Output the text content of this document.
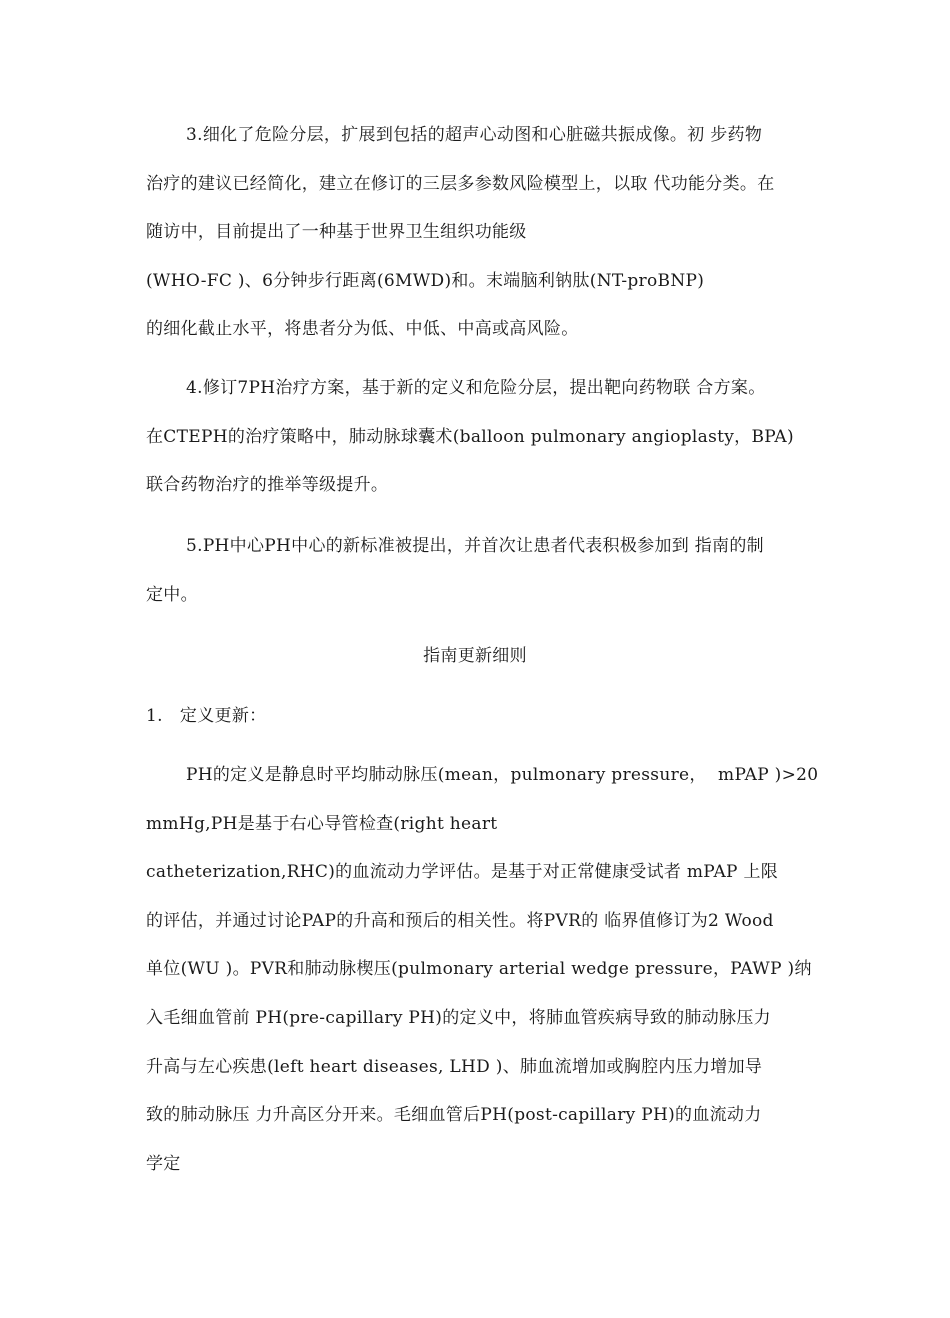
3.细化了危险分层，扩展到包括的超声心动图和心脏磁共振成像。初 步药物
治疗的建议已经简化，建立在修订的三层多参数风险模型上，以取 代功能分类。在
随访中，目前提出了一种基于世界卫生组织功能级
(WHO-FC )、6分钟步行距离(6MWD)和。末端脑利钠肽(NT-proBNP)
的细化截止水平，将患者分为低、中低、中高或高风险。
4.修订7PH治疗方案，基于新的定义和危险分层，提出靶向药物联 合方案。
在CTEPH的治疗策略中，肺动脉球囊术(balloon pulmonary angioplasty，BPA)
联合药物治疗的推举等级提升。
5.PH中心PH中心的新标准被提出，并首次让患者代表积极参加到 指南的制
定中。
指南更新细则
1.   定义更新：
PH的定义是静息时平均肺动脉压(mean，pulmonary pressure，  mPAP )>20
mmHg,PH是基于右心导管检查(right heart
catheterization,RHC)的血流动力学评估。是基于对正常健康受试者 mPAP 上限
的评估，并通过讨论PAP的升高和预后的相关性。将PVR的 临界值修订为2 Wood
单位(WU )。PVR和肺动脉楔压(pulmonary arterial wedge pressure，PAWP )纳
入毛细血管前 PH(pre-capillary PH)的定义中，将肺血管疾病导致的肺动脉压力
升高与左心疾患(left heart diseases, LHD )、肺血流增加或胸腔内压力增加导
致的肺动脉压 力升高区分开来。毛细血管后PH(post-capillary PH)的血流动力
学定
